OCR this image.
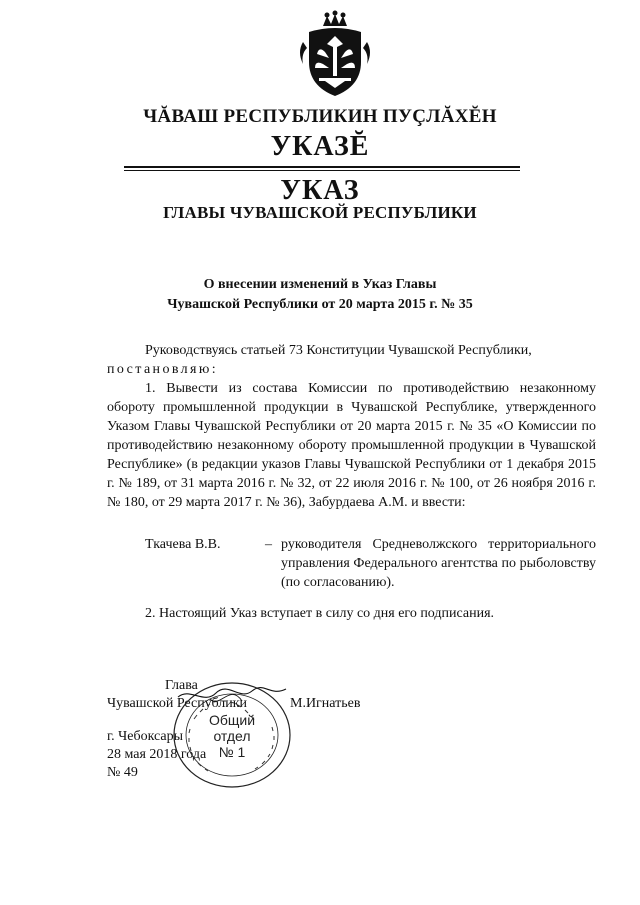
ЧĂВАШ РЕСПУБЛИКИН ПУÇЛĂХĔН
УКАЗĔ
УКАЗ
ГЛАВЫ ЧУВАШСКОЙ РЕСПУБЛИКИ
О внесении изменений в Указ Главы
Чувашской Республики от 20 марта 2015 г. № 35

Руководствуясь статьей 73 Конституции Чувашской Республики,

постановляю:

1. Вывести из состава Комиссии по противодействию незаконному обороту промышленной продукции в Чувашской Республике, утвержденного Указом Главы Чувашской Республики от 20 марта 2015 г. № 35 «О Комиссии по противодействию незаконному обороту промышленной продукции в Чувашской Республике» (в редакции указов Главы Чувашской Республики от 1 декабря 2015 г. № 189, от 31 марта 2016 г. № 32, от 22 июля 2016 г. № 100, от 26 ноября 2016 г. № 180, от 29 марта 2017 г. № 36), Забурдаева А.М. и ввести:

Ткачева В.В.	– руководителя Средневолжского территориального управления Федерального агентства по рыболовству (по согласованию).
2. Настоящий Указ вступает в силу со дня его подписания.
Глава
Чувашской Республики	М.Игнатьев
г. Чебоксары
28 мая 2018 года
№ 49
Общий
отдел
№ 1
